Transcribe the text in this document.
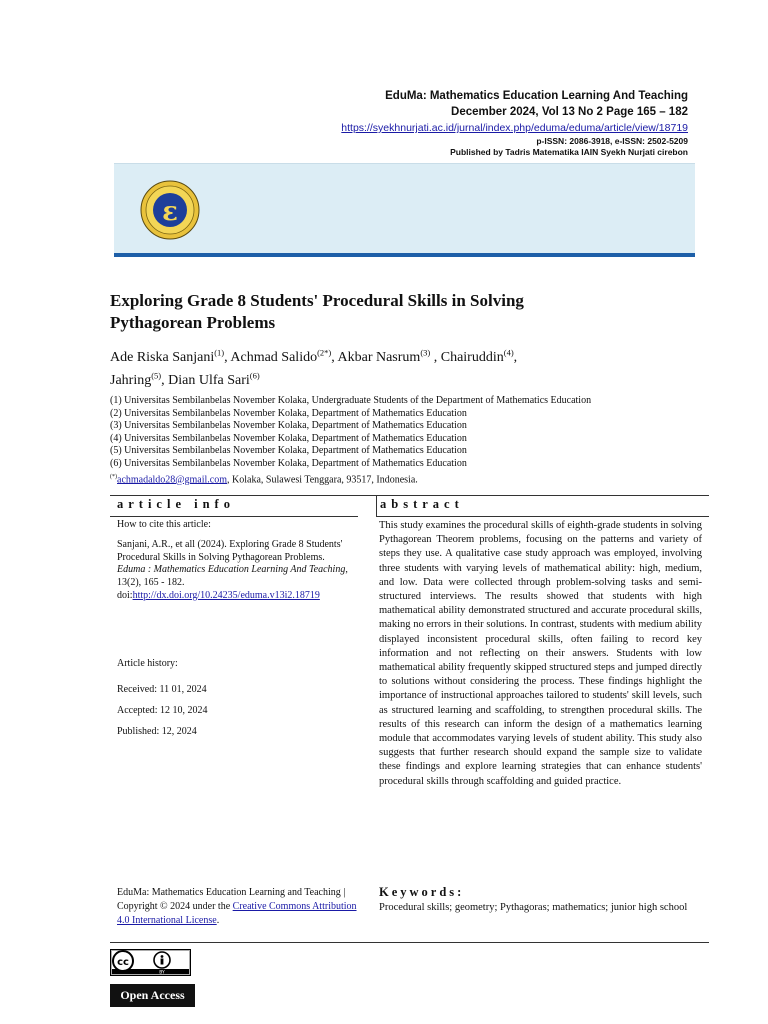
EduMa: Mathematics Education Learning And Teaching
December 2024, Vol 13 No 2 Page 165 – 182
https://syekhnurjati.ac.id/jurnal/index.php/eduma/eduma/article/view/18719
p-ISSN: 2086-3918, e-ISSN: 2502-5209
Published by Tadris Matematika IAIN Syekh Nurjati cirebon
ε
Exploring Grade 8 Students' Procedural Skills in Solving
Pythagorean Problems
Ade Riska Sanjani$^{(1)}$, Achmad Salido$^{(2*)}$, Akbar Nasrum$^{(3)}$ , Chairuddin$^{(4)}$,
Jahring$^{(5)}$, Dian Ulfa Sari$^{(6)}$
(1) Universitas Sembilanbelas November Kolaka, Undergraduate Students of the Department of Mathematics Education
(2) Universitas Sembilanbelas November Kolaka, Department of Mathematics Education
(3) Universitas Sembilanbelas November Kolaka, Department of Mathematics Education
(4) Universitas Sembilanbelas November Kolaka, Department of Mathematics Education
(5) Universitas Sembilanbelas November Kolaka, Department of Mathematics Education
(6) Universitas Sembilanbelas November Kolaka, Department of Mathematics Education
(*)achmadaldo28@gmail.com, Kolaka, Sulawesi Tenggara, 93517, Indonesia.
article info	abstract
How to cite this article:
Sanjani, A.R., et all (2024). Exploring Grade 8 Students' Procedural Skills in Solving Pythagorean Problems. Eduma : Mathematics Education Learning And Teaching, 13(2), 165 - 182.
doi:http://dx.doi.org/10.24235/eduma.v13i2.18719
Article history:
Received: 11 01, 2024
Accepted: 12 10, 2024
Published: 12, 2024
This study examines the procedural skills of eighth-grade students in solving Pythagorean Theorem problems, focusing on the patterns and variety of steps they use. A qualitative case study approach was employed, involving three students with varying levels of mathematical ability: high, medium, and low. Data were collected through problem-solving tasks and semi-structured interviews. The results showed that students with high mathematical ability demonstrated structured and accurate procedural skills, making no errors in their solutions. In contrast, students with medium ability displayed inconsistent procedural skills, often failing to record key information and not reflecting on their answers. Students with low mathematical ability frequently skipped structured steps and jumped directly to solutions without considering the process. These findings highlight the importance of instructional approaches tailored to students' skill levels, such as structured learning and scaffolding, to strengthen procedural skills. The results of this research can inform the design of a mathematics learning module that accommodates varying levels of student ability. This study also suggests that further research should expand the sample size to validate these findings and explore learning strategies that can enhance students' procedural skills through scaffolding and guided practice.
Keywords:
Procedural skills; geometry; Pythagoras; mathematics; junior high school
EduMa: Mathematics Education Learning and Teaching | Copyright © 2024 under the Creative Commons Attribution 4.0 International License.
cc
BY
Open Access
